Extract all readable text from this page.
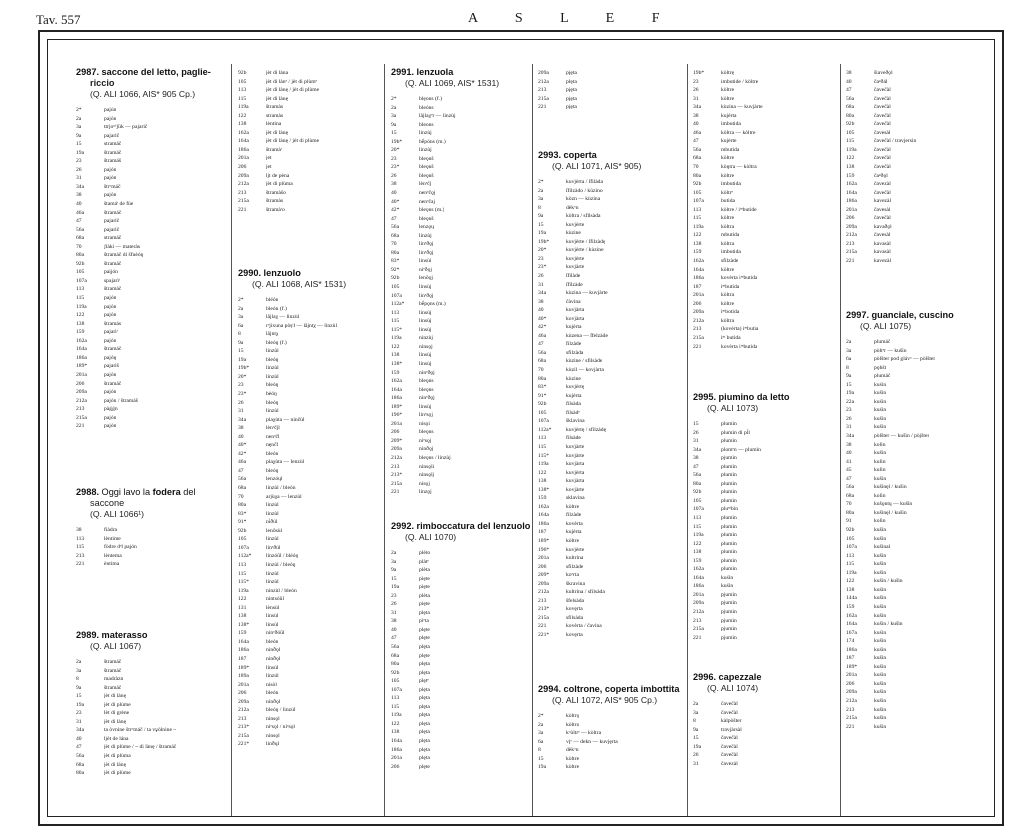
Tav. 557	A S L E F
2987. saccone del letto, paglie-
riccio
(Q. ALI 1066, AIS* 905 Cp.)
2*	pajún
2a	pajón
3a	ttrjoᵘᶠʃük — pajarič
9a	pajarič
15	stramáč
19a	štramáč
23	štramáš
26	pajón
31	pajón
34a	štrᵒmáč
38	pajón
40	štamáᵗ de fùe
46a	štramáč
47	pajarič
56a	pajarič
68a	stramáč
70	ʃlàki — materàs
80a	štramáč di šfuėóŋ
92b	štramáč
105	pai̯jón
107a	spajarìᵗ
113	štramáč
115	pajón
119a	pajón
122	pajón
138	štramás
159	pajarìᵗ
162a	pajón
164a	štramáč
186a	pajóŋ
189*	pajarìš
201a	pajón
206	štramáč
209a	pajón
212a	pajón / štramàš
213	pàǵǵn
215a	pajón
221	pajón
2988. Oggi lavo la fodera del
saccone
(Q. ALI 1066¹)
38	fiàdra
113	lèntime
115	fòdre dᵉl pajón
213	lèntema
221	èntima
2989. materasso
(Q. ALI 1067)
2a	štramáč
3a	štramáč
8	madràzn
9a	štramáč
15	jèt di lànę
19a	jèt di plùme
23	lèt di grène
31	jèt di lànę
34a	ta òvnine štrᵒmáč / ta vұòlnine ~
40	ljèt de lána
47	jèt di plùme / ~ di lànę / štramáč
56a	jèt di plùma
68a	jèt di lànę
80a	jèt di plùme
92b	jèt di làna
105	jèt di lànᵉ / jèt di plùmᵉ
113	jèt di lànę / jèt di plùme
115	jèt di lànę
119a	štramàs
122	stramàs
138	lèntina
162a	jèt di lànę
164a	jèt di lànę / jèt di plùme
186a	štramàᵗ
201a	jet
206	jet
209a	ljt de pèna
212a	jèt di plùma
213	štramàšo
215a	štramàs
221	štramàᵗo
2990. lenzuolo
(Q. ALI 1068, AIS* 1531)
2*	bléón
2a	bleón (f.)
3a	lâjlaχ — linzùl
6a	rᵉjixuna pòșᵗl — lâjntχ — linzùl
8	lâjntχ
9a	bleóŋ (f.)
15	linzùl
19a	bleóŋ
19b*	linzùl
20*	linzùl
23	bleóŋ
23*	bèóŋ
26	bleóŋ
31	linzùl
34a	plaχùta — ninčùl
38	lènᵉčjl
40	nenᵉčl
40*	nęnčl
42*	bleón
46a	plaχùta — lenzùl
47	bleóŋ
56a	lenzóųl
68a	linzùl / bleón
70	arjùχa — lenzùl
80a	linzùl
83*	linzùl
91*	ni̇ðúl
92b	lenǒsùl
105	linzùl
107a	linᵉðúl
112a*	linzóŭl / bléóŋ
113	linzùl / bleóŋ
115	linzùl
115*	linzùl
119a	ninzùl / bleón
122	nintsóŭl
131	lènsùl
138	linsùl
138*	linsùl
159	ninᵉðóŭl
164a	bleón
186a	ninðǫl
187	ninðǫl
189*	linsúl
189a	linzúl
201a	nisòl
206	bleón
209a	ninðǫl
212a	bleóŋ / linzúl
213	ninsǫl
213*	niᵉsǫl / niᵉsǫl
215a	ninsǫl
221*	linðųl
2991. lenzuola
(Q. ALI 1069, AIS* 1531)
2*	blęons (f.)
2a	bleóns
3a	lâjlaχᵉr — linzùj
9a	bleons
15	linzùj
19b*	bḗpóns (m.)
20*	linzùj
23	bleǫnš
23*	bleǫnš
26	bleǫnš
38	lènᵉčj
40	nenᵉčǫj
40*	nenᵉčaj
42*	bleǫns (m.)
47	bleǫnš
56a	lenzǫų
68a	linzùj
70	linᵉðǫj
80a	linᵉðǫj
83*	linsùi
92*	niᵉðǫj
92b	lenǒǫj
105	linsùj
107a	linᵉðǫj
112a*	bḗpǫns (m.)
113	linsùj
115	linsùj
115*	linsùj
119a	ninzùj
122	ninsǫj
138	linsùj
138*	linsùj
159	ninᵉðǫj
162a	bleǫns
164a	bleǫns
186a	ninᵉðǫj
189*	linsùj
196*	linᵉsǫj
201a	nisǫi
206	bleǫns
209*	niᵉsǫj
209a	ninðǫj
212a	bleǫns / linzùj
213	ninsǫli
213*	ninsǫlj
215a	nisǫj
221	linzǫj
2992. rimboccatura del lenzuolo
(Q. ALI 1070)
2a	plèto
3a	plàtᵒ
9a	plèta
15	pìęte
19a	pìęte
23	plèta
26	pìęte
31	plęta
38	pìᵉta
40	plęte
47	plęte
56a	plęta
68a	plęte
80a	plęta
92b	plęta
105	plętᵉ
107a	plęta
113	plęta
115	plęta
119a	plęta
122	plęta
138	plęta
164a	plęta
186a	plęta
201a	plęta
206	plęte
209a	pįęta
212a	plęta
213	pįęta
215a	pįęta
221	pįęta
2993. coperta
(Q. ALI 1071, AIS* 905)
2*	kuvjèrta / ſfilàda
2a	ſfilzàdo / kùzino
3a	kòzn — kùzina
8	dèkᵒn
9a	kòltra / sfilsàda
15	kuvjèrte
19a	kùzine
19b*	kuvjèrte / ſfilzàdę
20*	kuvjèrte / kùzine
23	kuvjèrte
23*	kuvjàrte
26	ſfilàde
31	ſfilzàde
34a	kùzina — kuvjàrte
38	čàvina
40	kuvjàrta
40*	kovjàrta
42*	kujèrta
46a	kùzena — ſfelzàde
47	filzàde
56a	sfilzàda
68a	kùzine / sfilsàde
70	kùzil — kovjàrta
80a	kùzine
83*	kuvjèrtę
91*	kujèrta
92b	filsàda
105	filsàdᵉ
107a	škla​vina
112a*	kuvjèrtę / sfilzàdę
113	filsàde
115	kuvjàrte
115*	kuvjàrte
119a	kuvjàrta
122	kuvjèrta
138	kuvjàrta
138*	kovjàrte
159	sklavina
162a	kòltre
164a	filzàde
186a	kovèrta
187	kujèrta
189*	kòltre
196*	kuvjèrte
201a	kultrina
206	sfilzàde
209*	koᵉrta
209a	škravina
212a	kultrina / sfilsàda
213	šfelsàda
213*	kovęrta
215a	sfilsàda
221	kovèrta / čavina
221*	kovęrta
2994. coltrone, coperta imbottita
(Q. ALI 1072, AIS* 905 Cp.)
2*	kòltrǫ
2a	kòltro
3a	kᵒùltrᵉ — kòltra
6a	vįᵉ — dekn — kuvjęrta
8	dèkᵒn
15	kòltre
19a	kòltre
19b*	kòltrę
23	imbutide / kòltre
26	kòltre
31	kòltre
34a	kùzina — kuvjàrte
38	kujèrta
40	imbutida
46a	kòltra — kòltre
47	kujèrte
56a	mbutida
68a	kòltre
70	kòŋtra — kòltra
80a	kòltre
92b	imbutida
105	kòltrᵉ
107a	butida
113	kòltre / iᵐbutide
115	kòltre
119a	kòltra
122	mbutida
138	kòltra
159	imbutida
162a	sfilzàde
164a	kòltre
186a	kovèrta iᵐbutida
187	iᵐbutida
201a	kòltra
206	kòltre
209a	iᵐbotida
212a	kòltra
213	(kovèrta) iᵐbutia
215a	iᵐ butida
221	kovèrta iᵐbutida
2995. piumino da letto
(Q. ALI 1073)
15	plumìn
26	plumìn di pĺl
31	plumìn
34a	plomᵉn — plumìn
38	pjumìn
47	plumìn
56a	plumìn
80a	plumìn
92b	plumìn
105	plumìn
107a	pluᵐbìn
113	plumìn
115	plumìn
119a	plumìn
122	plumìn
138	plumìn
159	plumìn
162a	plumìn
164a	kuśìn
186a	kuśìn
201a	pjumìn
209a	pjumìn
212a	pjumìn
213	pjumìn
215a	pjumìn
221	pjumìn
2996. capezzale
(Q. ALI 1074)
2a	čavečàl
3a	čavečàl
8	kàlpòšter
9a	travjàrsàl
15	čavečàl
19a	čavečàl
26	čavečàl
31	čavezàl
38	šiaveðǫl
40	čaᵍðál
47	čavečàl
56a	čavečàl
68a	čavečàl
80a	čavečàl
92b	čavečàl
105	čavesàl
115	čavečàl / travjersìn
119a	čavečàl
122	čavečàl
138	čavečàl
159	čaᵍðǫl
162a	čavezàl
164a	čavečàl
186a	kavezàl
201a	čavesàl
206	čavečàl
209a	kavaðǫl
212a	čavesàl
213	kavasàl
215a	kavasàl
221	kavezàl
2997. guanciale, cuscino
(Q. ALI 1075)
2a	plumáč
3a	pòltᵉr — kušìn
6a	pòlšter pod glávᵒ — pòlšter
8	pǫhšt
9a	plumáč
15	kuśìn
19a	kušìn
22a	kuśìn
23	kuśìn
26	kušìn
31	kušìn
34a	pòlšter — kušìn / pòjšter
38	kolìn
40	kušìn
41	kulìn
45	kulìn
47	kušìn
56a	kušìnęl / kušìn
68a	kolìn
70	kušǫntų — kušìn
80a	kušìnęl / kušìn
91	kolìn
92b	kušìn
105	kušìn
107a	kušìnal
113	kušìn
115	kušìn
119a	kušìn
122	kušìn / kušìn
138	kuśìn
144a	kušìn
159	kušìn
162a	kušìn
164a	kušìn / kušìn
167a	kuśìn
174	kušìn
186a	kuśìn
187	kušìn
189*	kušìn
201a	kuśìn
206	kušìn
209a	kušìn
212a	kušìn
213	kušìn
215a	kušìn
221	kušìn
